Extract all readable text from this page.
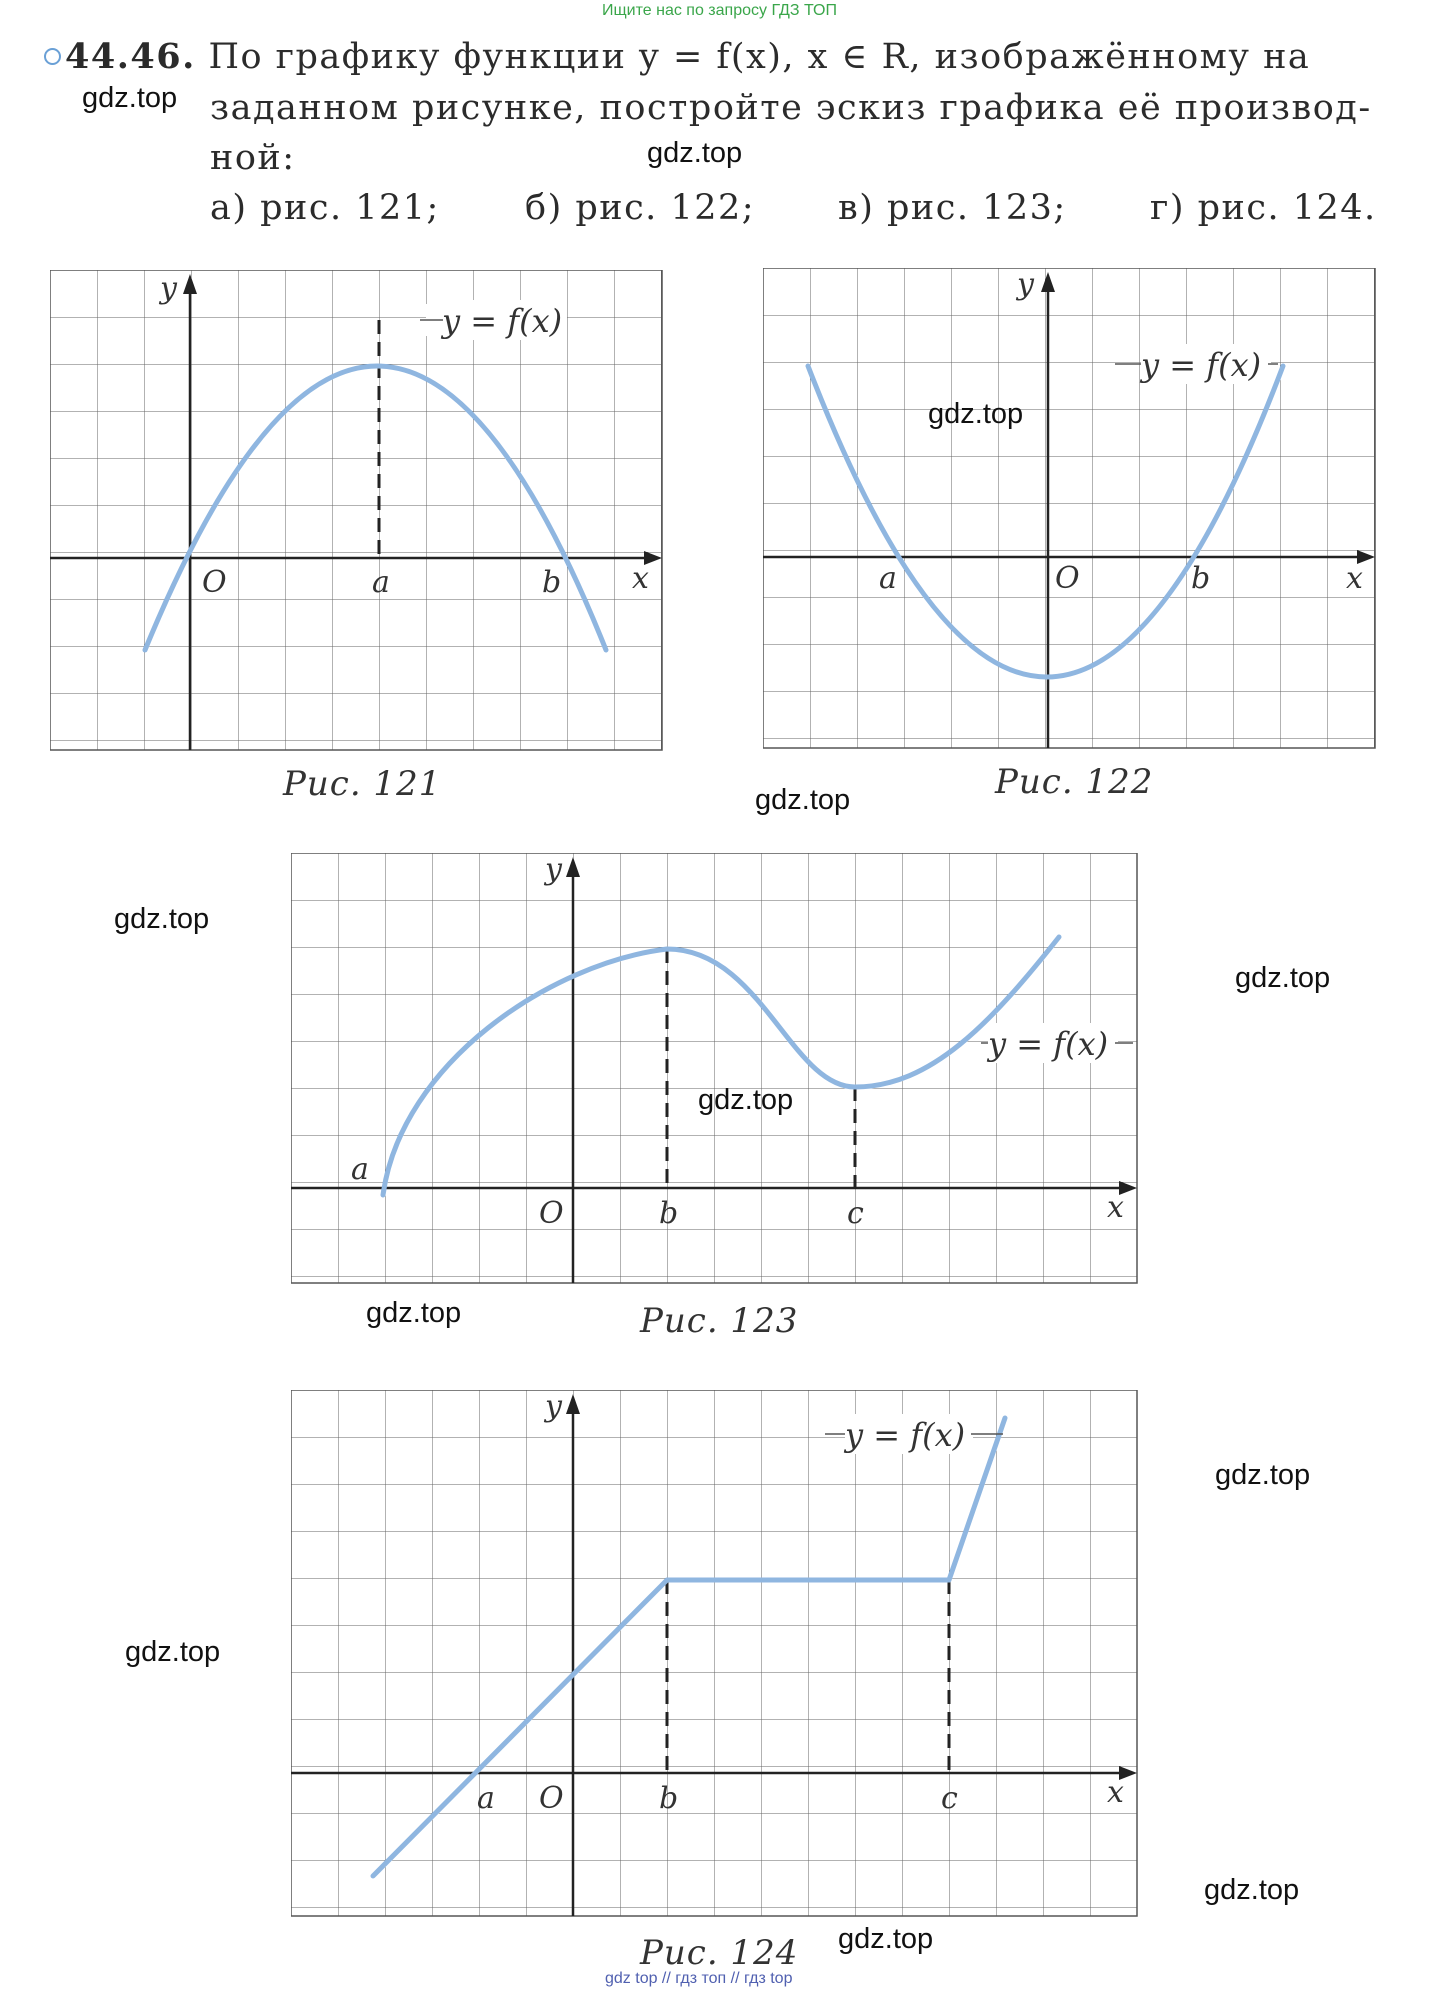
Ищите нас по запросу ГДЗ ТОП
44.46. По графику функции y = f(x), x ∈ R, изображённому на
заданном рисунке, постройте эскиз графика её производ-
ной:
а) рис. 121; б) рис. 122; в) рис. 123; г) рис. 124.
y
x
O	a	b
y = f(x)
Рис. 121
y
x
O
a	b
y = f(x)
Рис. 122
y
x
O
a
b	c
y = f(x)
Рис. 123
y
x
O
a	b	c
y = f(x)
Рис. 124
gdz.top
gdz.top
gdz.top
gdz.top
gdz.top
gdz.top
gdz.top
gdz.top
gdz.top
gdz.top
gdz.top
gdz.top
gdz top // гдз топ // гдз top
